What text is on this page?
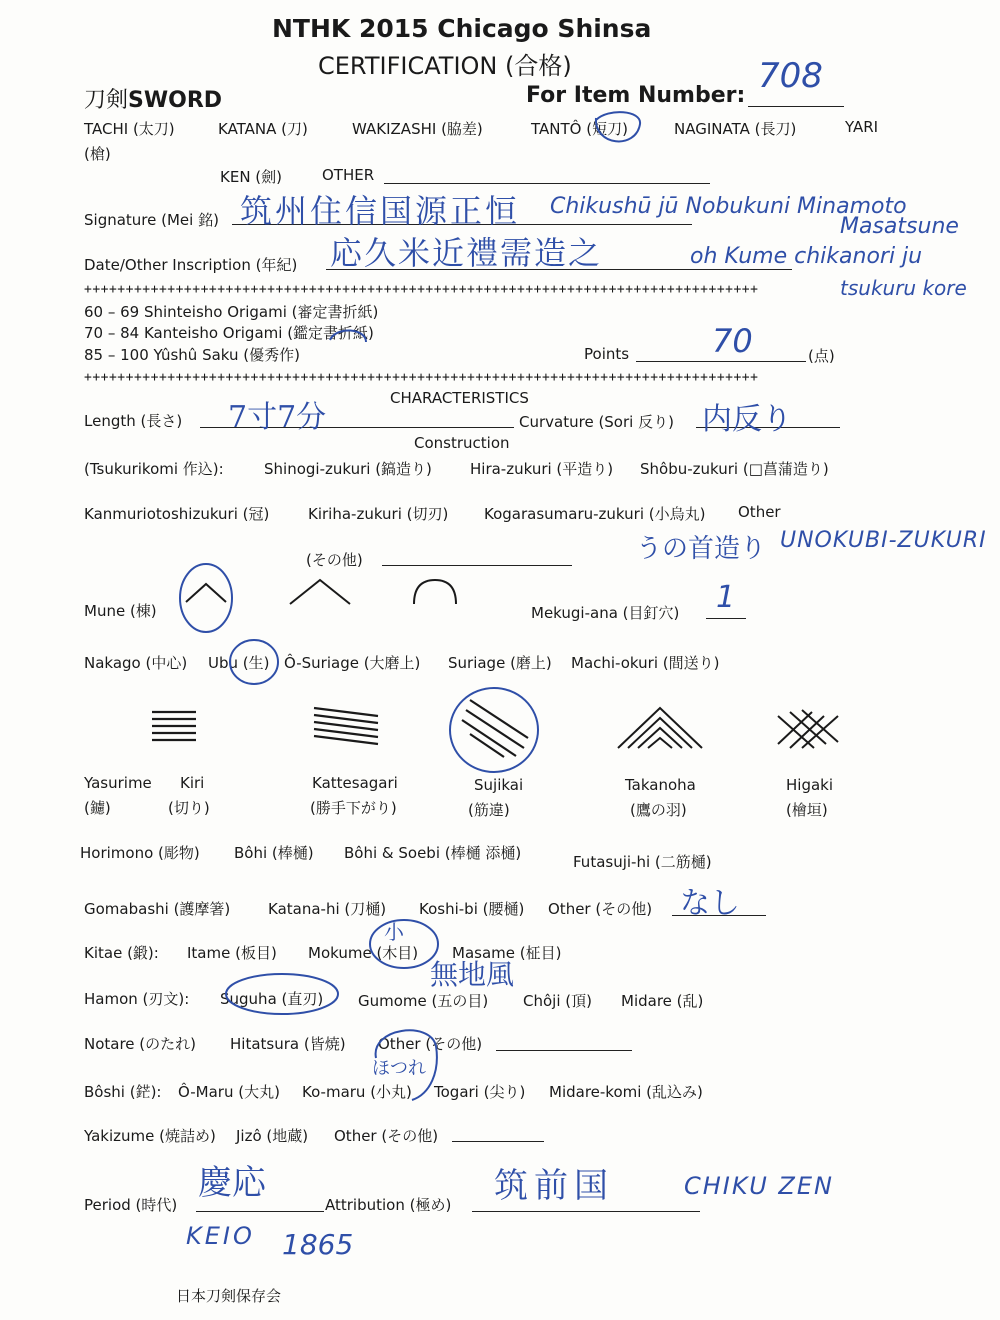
NTHK 2015 Chicago Shinsa
CERTIFICATION (合格)
刀剣SWORD	For Item Number: 708
TACHI (太刀)	KATANA (刀)	WAKIZASHI (脇差)	TANTÔ (短刀)	NAGINATA (長刀)	YARI
(槍)
KEN (劍)	OTHER
Signature (Mei 銘) 筑州住信国源正恒 Chikushū jū Nobukuni Minamoto
Masatsune
Date/Other Inscription (年紀) 応久米近禮需造之	oh Kume chikanori ju
tsukuru kore
+++++++++++++++++++++++++++++++++++++++++++++++++++++++++++++++++++++++++++++++++
60 – 69 Shinteisho Origami (審定書折紙)
70 – 84 Kanteisho Origami (鑑定書折紙)
85 – 100 Yûshû Saku (優秀作)	Points	70	(点)
+++++++++++++++++++++++++++++++++++++++++++++++++++++++++++++++++++++++++++++++++
CHARACTERISTICS
Length (長さ) 7寸7分	Curvature (Sori 反り) 内反り
Construction
(Tsukurikomi 作込):	Shinogi-zukuri (鎬造り)	Hira-zukuri (平造り) Shôbu-zukuri (□菖蒲造り)
Kanmuriotoshizukuri (冠)	Kiriha-zukuri (切刃) Kogarasumaru-zukuri (小烏丸) Other
(その他)	うの首造り UNOKUBI-ZUKURI
Mune (棟)	Mekugi-ana (目釘穴) 1
Nakago (中心) Ubu (生) Ô-Suriage (大磨上) Suriage (磨上) Machi-okuri (間送り)
Yasurime
(鑢)
Kiri
(切り)
Kattesagari
(勝手下がり)
Sujikai
(筋違)
Takanoha
(鷹の羽)
Higaki
(檜垣)
Horimono (彫物) Bôhi (棒樋) Bôhi & Soebi (棒樋 添樋)	Futasuji-hi (二筋樋)
Gomabashi (護摩箸)	Katana-hi (刀樋) Koshi-bi (腰樋) Other (その他) なし
Kitae (鍛): Itame (板目) Mokume (木目) Masame (柾目)
小
無地風
Hamon (刃文): Suguha (直刃) Gumome (五の目) Chôji (頂) Midare (乱)
Notare (のたれ) Hitatsura (皆焼) Other (その他)
ほつれ
Bôshi (鋩): Ô-Maru (大丸) Ko-maru (小丸) Togari (尖り) Midare-komi (乱込み)
Yakizume (焼詰め) Jizô (地蔵) Other (その他)
Period (時代)
慶応
Attribution (極め) 筑前国	CHIKU ZEN
KEIO 1865
日本刀剣保存会
